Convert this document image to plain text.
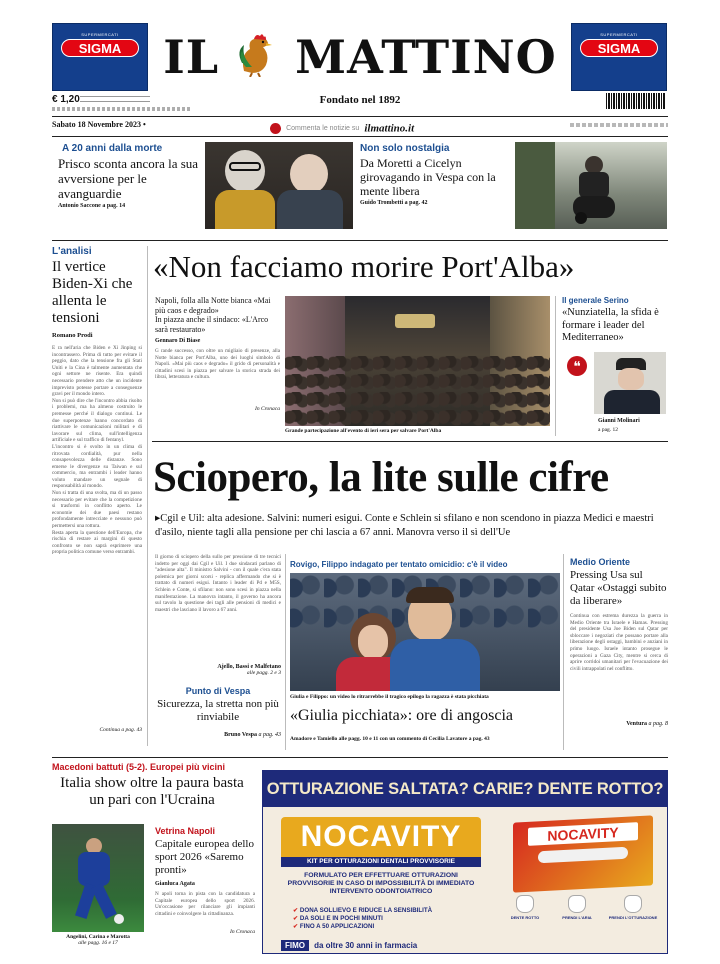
SUPERMERCATI
SIGMA
SUPERMERCATI
SIGMA
IL MATTINO
€ 1,20	Fondato nel 1892
Sabato 18 Novembre 2023 •	Commenta le notizie su ilmattino.it
A 20 anni dalla morte
Prisco sconta ancora la sua avversione per le avanguardie
Antonio Saccone a pag. 14
Non solo nostalgia
Da Moretti a Cicelyn girovagando in Vespa con la mente libera
Guido Trombetti a pag. 42
L'analisi
Il vertice Biden-Xi che allenta le tensioni
Romano Prodi
E ra nell'aria che Biden e Xi Jinping si incontrassero. Prima di tutto per evitare il peggio, dato che la tensione fra gli Stati Uniti e la Cina è talmente aumentata che ogni settore ne risente. Era quindi necessario prendere atto che un incidente imprevisto potesse portare a conseguenze gravi per il mondo intero.
Non si può dire che l'incontro abbia risolto i problemi, ma ha almeno costruito le premesse perché il dialogo continui. Le due superpotenze hanno concordato di riattivare le comunicazioni militari e di lavorare sul clima, sull'intelligenza artificiale e sul traffico di fentanyl.
L'incontro si è svolto in un clima di ritrovata cordialità, pur nella consapevolezza delle distanze. Sono emerse le divergenze su Taiwan e sul commercio, ma entrambi i leader hanno voluto mandare un segnale di responsabilità al mondo.
Non si tratta di una svolta, ma di un passo necessario per evitare che la competizione si trasformi in conflitto aperto. Le economie dei due paesi restano profondamente intrecciate e nessuno può permettersi una rottura.
Resta aperta la questione dell'Europa, che rischia di restare ai margini di questo confronto se non saprà esprimere una propria politica comune verso entrambi.
Continua a pag. 43
«Non facciamo morire Port'Alba»
Napoli, folla alla Notte bianca «Mai più caos e degrado»
In piazza anche il sindaco: «L'Arco sarà restaurato»
Gennaro Di Biase
G rande successo, con oltre un migliaio di presenze, alla Notte bianca per Port'Alba, uno dei luoghi simbolo di Napoli. «Mai più caos e degrado» il grido di personalità e cittadini scesi in piazza per salvare la storica strada dei librai, letteratura e cultura.
In Cronaca
Grande partecipazione all'evento di ieri sera per salvare Port'Alba
Il generale Serino
«Nunziatella, la sfida è formare i leader del Mediterraneo»
❝
Gianni Molinari
a pag. 12
Sciopero, la lite sulle cifre
▸Cgil e Uil: alta adesione. Salvini: numeri esigui. Conte e Schlein si sfilano e non scendono in piazza Medici e maestri d'asilo, niente tagli alla pensione per chi lascia a 67 anni. Manovra verso il sì dell'Ue
Il giorno di sciopero della sullo per pressione di tre tecnici indetto per oggi dai Cgil e Uil. I due sindacati parlano di "adesione alta". Il ministro Salvini - con il quale c'era stata polemica per giorni scorsi - replica affermando che si è trattato di numeri esigui. Intanto i leader di Pd e M5S, Schlein e Conte, si sfilano: non sono scesi in piazza nella manifestazione. La manovra intanto, il governo ha ancora sul tavolo la questione dei tagli alle pensioni di medici e maestri che lasciano il lavoro a 67 anni.
Ajello, Bassi e Malfetano
alle pagg. 2 e 3
Punto di Vespa
Sicurezza, la stretta non più rinviabile
Bruno Vespa a pag. 43
Rovigo, Filippo indagato per tentato omicidio: c'è il video
Giulia e Filippo: un video lo ritrarrebbe il tragico epilogo la ragazza è stata picchiata
«Giulia picchiata»: ore di angoscia
Amadore e Tamiello alle pagg. 10 e 11 con un commento di Cecilia Lavatore a pag. 43
Medio Oriente
Pressing Usa sul Qatar «Ostaggi subito da liberare»
Continua con estrema durezza la guerra in Medio Oriente tra Israele e Hamas. Pressing del presidente Usa Joe Biden sul Qatar per sbloccare i negoziati che possano portare alla liberazione degli ostaggi, bambini e anziani in primo luogo. Israele intanto prosegue le operazioni a Gaza City, mentre si cerca di aprire corridoi umanitari per l'evacuazione dei civili intrappolati nel conflitto.
Ventura a pag. 8
Macedoni battuti (5-2). Europei più vicini
Italia show oltre la paura basta un pari con l'Ucraina
Angelini, Carina e Marotta
alle pagg. 16 e 17
Vetrina Napoli
Capitale europea dello sport 2026 «Saremo pronti»
Gianluca Agata
N apoli torna in pista con la candidatura a Capitale europea dello sport 2026. Un'occasione per rilanciare gli impianti cittadini e coinvolgere la cittadinanza.
In Cronaca
OTTURAZIONE SALTATA? CARIE? DENTE ROTTO?
NOCAVITY
KIT PER OTTURAZIONI DENTALI PROVVISORIE
FORMULATO PER EFFETTUARE OTTURAZIONI PROVVISORIE IN CASO DI IMPOSSIBILITÀ DI IMMEDIATO INTERVENTO ODONTOIATRICO
✔ DONA SOLLIEVO E RIDUCE LA SENSIBILITÀ
✔ DA SOLI E IN POCHI MINUTI
✔ FINO A 50 APPLICAZIONI
NOCAVITY
DENTE ROTTO	PRENDI L'ARIA	PRENDI L'OTTURAZIONE
FIMO da oltre 30 anni in farmacia
